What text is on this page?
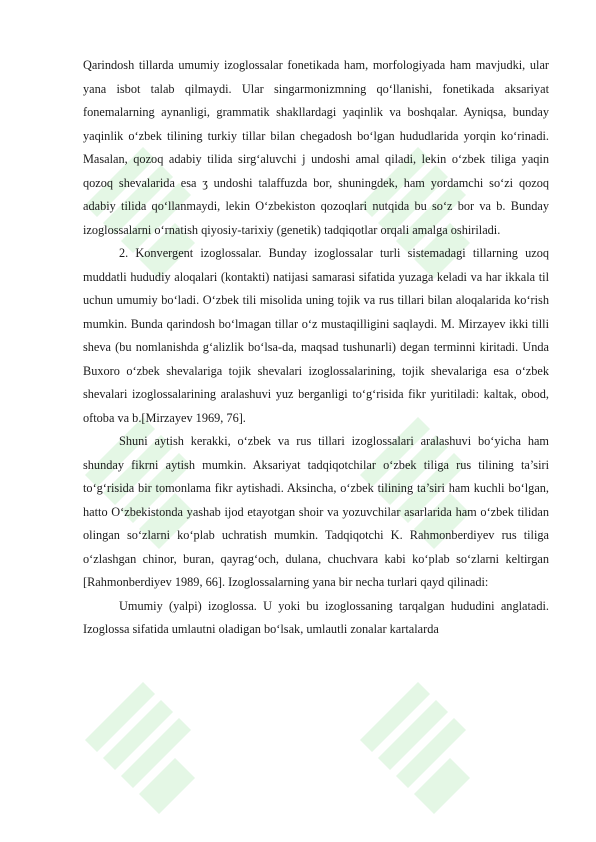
Qarindosh tillarda umumiy izoglossalar fonetikada ham, morfologiyada ham mavjudki, ular yana isbot talab qilmaydi. Ular singarmonizmning qo‘llanishi, fonetikada aksariyat fonemalarning aynanligi, grammatik shakllardagi yaqinlik va boshqalar. Ayniqsa, bunday yaqinlik o‘zbek tilining turkiy tillar bilan chegadosh bo‘lgan hududlarida yorqin ko‘rinadi. Masalan, qozoq adabiy tilida sirg‘aluvchi j undoshi amal qiladi, lekin o‘zbek tiliga yaqin qozoq shevalarida esa ӡ undoshi talaffuzda bor, shuningdek, ham yordamchi so‘zi qozoq adabiy tilida qo‘llanmaydi, lekin O‘zbekiston qozoqlari nutqida bu so‘z bor va b. Bunday izoglossalarni o‘rnatish qiyosiy-tarixiy (genetik) tadqiqotlar orqali amalga oshiriladi.

2. Konvergent izoglossalar. Bunday izoglossalar turli sistemadagi tillarning uzoq muddatli hududiy aloqalari (kontakti) natijasi samarasi sifatida yuzaga keladi va har ikkala til uchun umumiy bo‘ladi. O‘zbek tili misolida uning tojik va rus tillari bilan aloqalarida ko‘rish mumkin. Bunda qarindosh bo‘lmagan tillar o‘z mustaqilligini saqlaydi. M. Mirzayev ikki tilli sheva (bu nomlanishda g‘alizlik bo‘lsa-da, maqsad tushunarli) degan terminni kiritadi. Unda Buxoro o‘zbek shevalariga tojik shevalari izoglossalarining, tojik shevalariga esa o‘zbek shevalari izoglossalarining aralashuvi yuz berganligi to‘g‘risida fikr yuritiladi: kaltak, obod, oftoba va b.[Mirzayev 1969, 76].

Shuni aytish kerakki, o‘zbek va rus tillari izoglossalari aralashuvi bo‘yicha ham shunday fikrni aytish mumkin. Aksariyat tadqiqotchilar o‘zbek tiliga rus tilining ta’siri to‘g‘risida bir tomonlama fikr aytishadi. Aksincha, o‘zbek tilining ta’siri ham kuchli bo‘lgan, hatto O‘zbekistonda yashab ijod etayotgan shoir va yozuvchilar asarlarida ham o‘zbek tilidan olingan so‘zlarni ko‘plab uchratish mumkin. Tadqiqotchi K. Rahmonberdiyev rus tiliga o‘zlashgan chinor, buran, qayrag‘och, dulana, chuchvara kabi ko‘plab so‘zlarni keltirgan [Rahmonberdiyev 1989, 66]. Izoglossalarning yana bir necha turlari qayd qilinadi:

Umumiy (yalpi) izoglossa. U yoki bu izoglossaning tarqalgan hududini anglatadi. Izoglossa sifatida umlautni oladigan bo‘lsak, umlautli zonalar kartalarda
